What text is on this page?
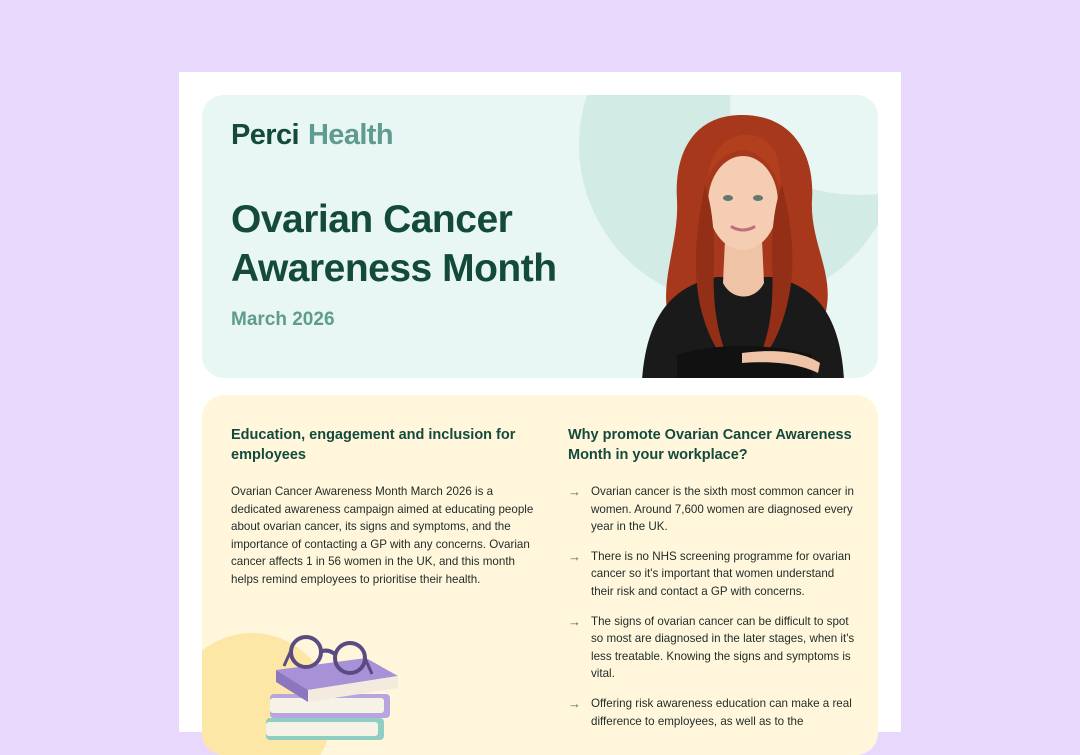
Perci Health
Ovarian Cancer Awareness Month
March 2026
Education, engagement and inclusion for employees
Ovarian Cancer Awareness Month March 2026 is a dedicated awareness campaign aimed at educating people about ovarian cancer, its signs and symptoms, and the importance of contacting a GP with any concerns. Ovarian cancer affects 1 in 56 women in the UK, and this month helps remind employees to prioritise their health.
Why promote Ovarian Cancer Awareness Month in your workplace?
→ Ovarian cancer is the sixth most common cancer in women. Around 7,600 women are diagnosed every year in the UK.
→ There is no NHS screening programme for ovarian cancer so it's important that women understand their risk and contact a GP with concerns.
→ The signs of ovarian cancer can be difficult to spot so most are diagnosed in the later stages, when it's less treatable. Knowing the signs and symptoms is vital.
→ Offering risk awareness education can make a real difference to employees, as well as to the
